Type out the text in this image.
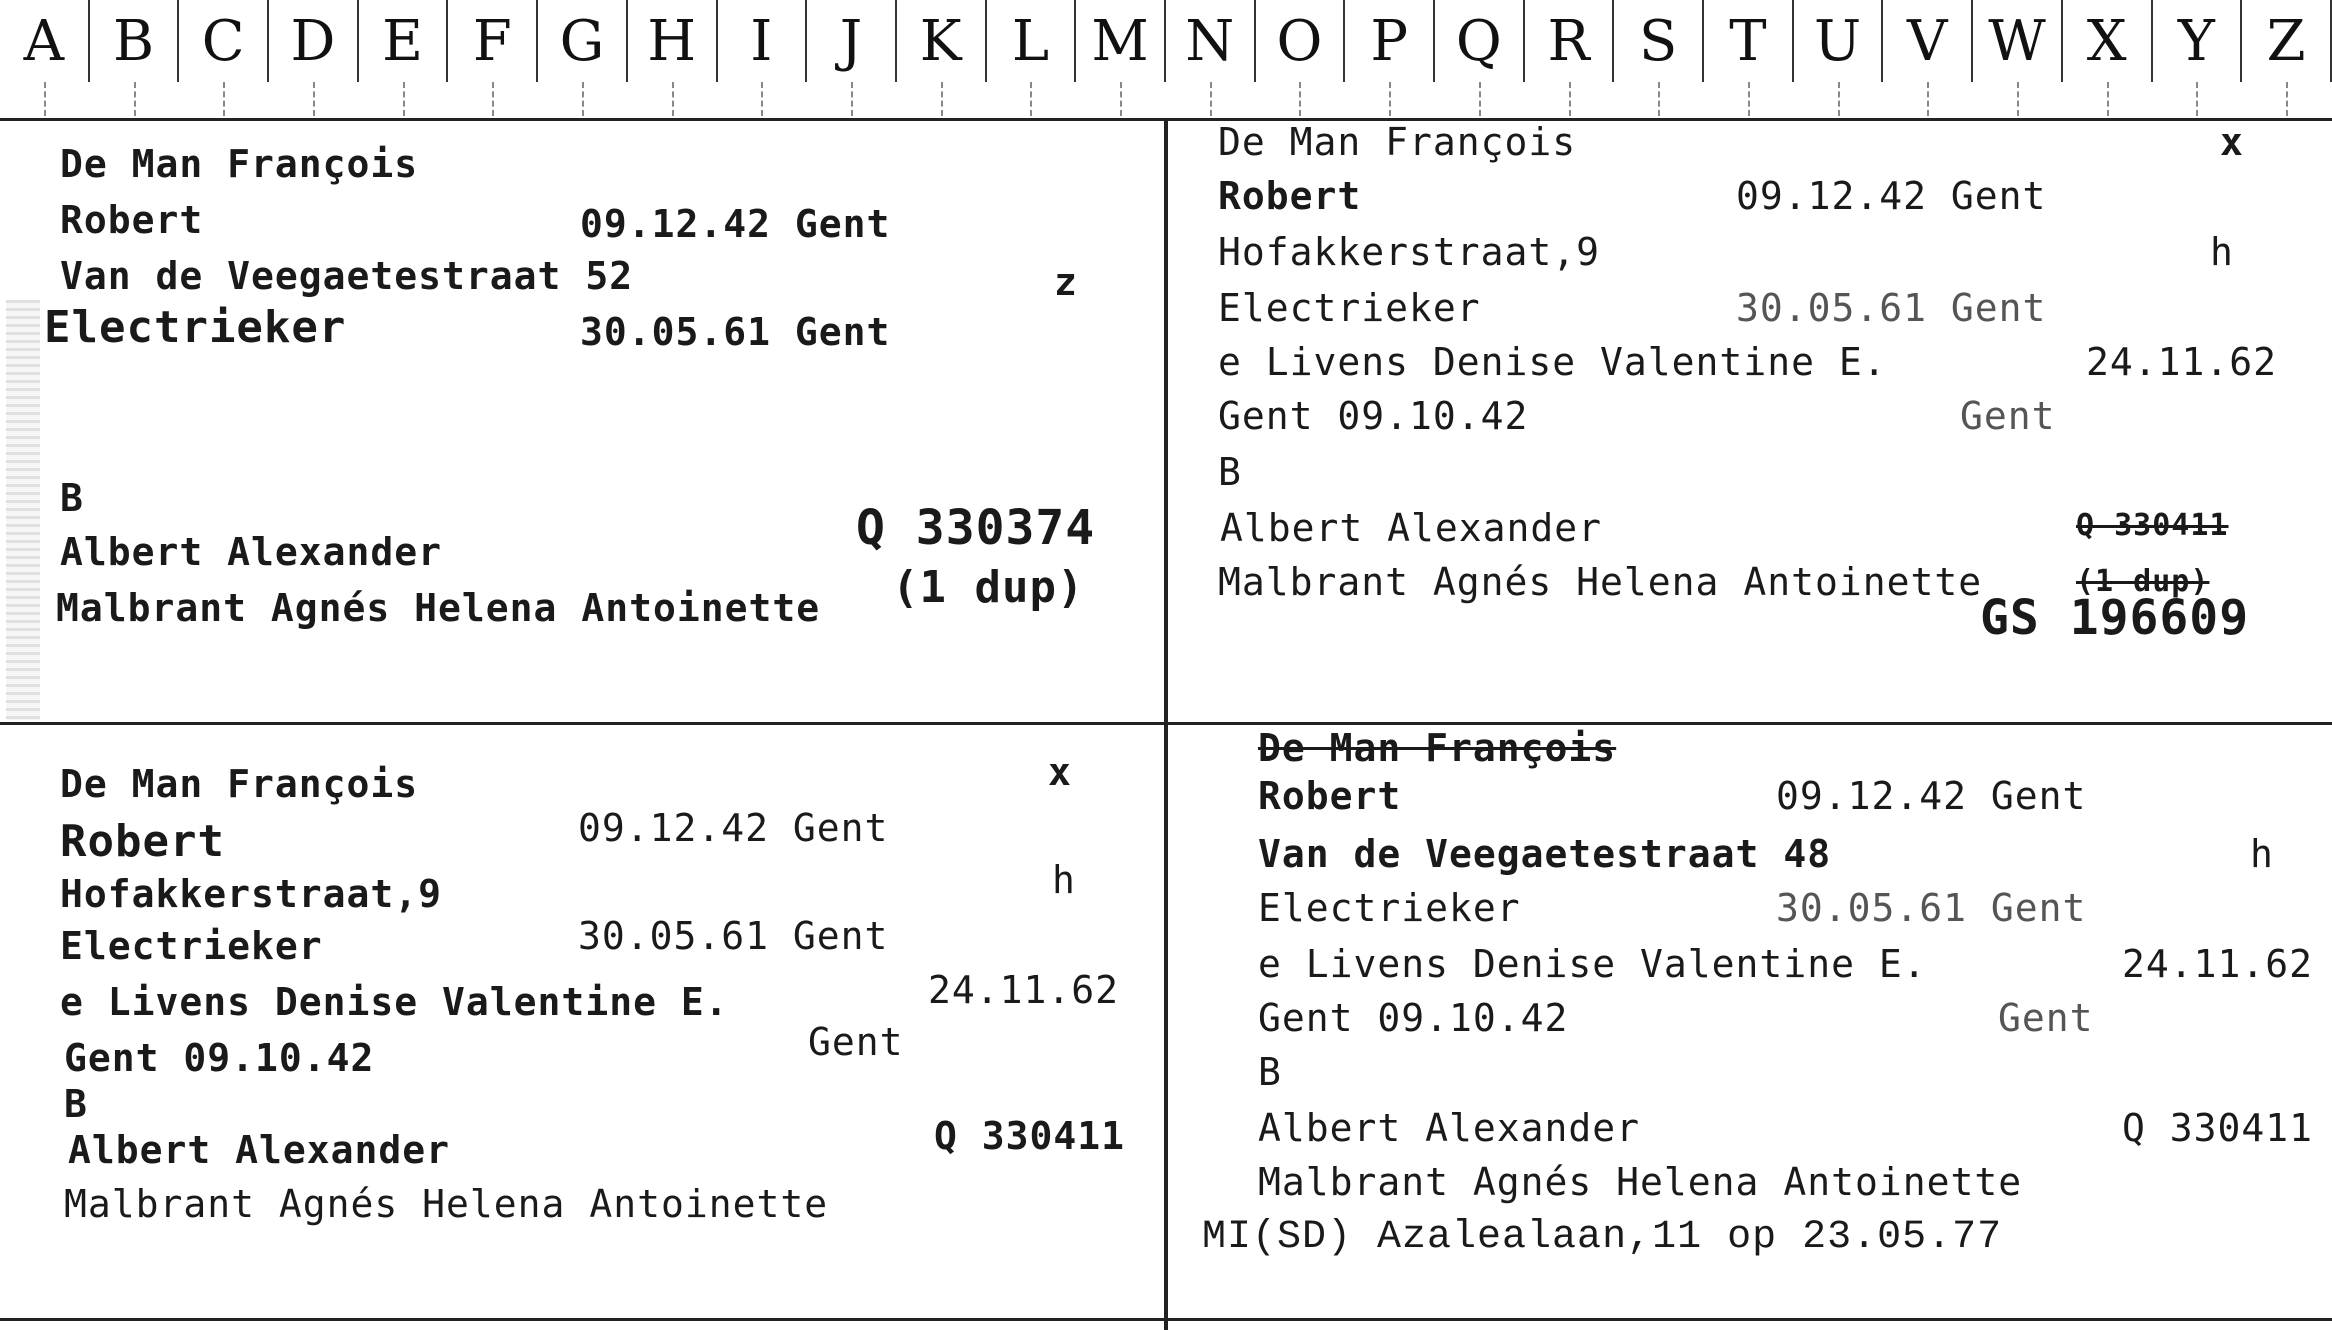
A B C D E F G H I	J	K L M N O P Q R S T U V W X Y Z
De Man François
Robert	09.12.42 Gent
Van de Veegaetestraat 52	z
Electrieker	30.05.61 Gent
B
Albert Alexander	Q 330374
Malbrant Agnés Helena Antoinette (1 dup)
De Man François	x
Robert	09.12.42 Gent
Hofakkerstraat,9	h
Electrieker	30.05.61 Gent
e Livens Denise Valentine E.	24.11.62
Gent 09.10.42	Gent
B
Albert Alexander	Q 330411
Malbrant Agnés Helena Antoinette	(1 dup)
GS 196609
De Man François	x
Robert	09.12.42 Gent
Hofakkerstraat,9	h
Electrieker	30.05.61 Gent
e Livens Denise Valentine E.	24.11.62
Gent 09.10.42	Gent
B
Albert Alexander	Q 330411
Malbrant Agnés Helena Antoinette
De Man François
Robert	09.12.42 Gent
Van de Veegaetestraat 48	h
Electrieker	30.05.61 Gent
e Livens Denise Valentine E.	24.11.62
Gent 09.10.42	Gent
B
Albert Alexander	Q 330411
Malbrant Agnés Helena Antoinette
MI(SD) Azalealaan,11 op 23.05.77
